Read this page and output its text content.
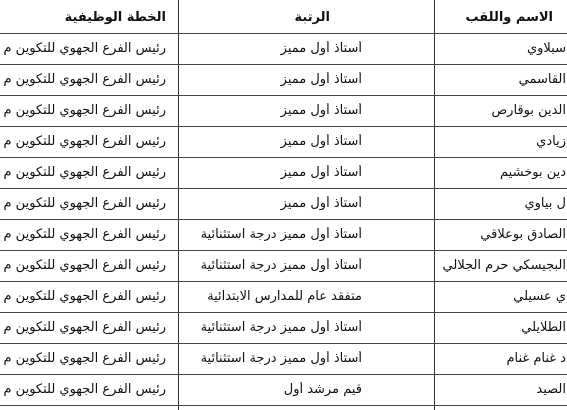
الخطة الوظيفية	الرتبة	الاسم واللقب
رئيس الفرع الجهوي للتكوين م	أستاذ أول مميز	سبلاوي
رئيس الفرع الجهوي للتكوين م	أستاذ أول مميز	القاسمي
رئيس الفرع الجهوي للتكوين م	أستاذ أول مميز	الدين بوقارص
رئيس الفرع الجهوي للتكوين م	أستاذ أول مميز	زيادي
رئيس الفرع الجهوي للتكوين م	أستاذ أول مميز	دين بوخشيم
رئيس الفرع الجهوي للتكوين م	أستاذ أول مميز	ل بياوي
رئيس الفرع الجهوي للتكوين م	أستاذ أول مميز درجة استثنائية	الصادق بوعلاقي
رئيس الفرع الجهوي للتكوين م	أستاذ أول مميز درجة استثنائية	البجيسكي حرم الجلالي
رئيس الفرع الجهوي للتكوين م	متفقد عام للمدارس الابتدائية	ي عسيلي
رئيس الفرع الجهوي للتكوين م	أستاذ أول مميز درجة استثنائية	الطلايلي
رئيس الفرع الجهوي للتكوين م	أستاذ أول مميز درجة استثنائية	د غنام غنام
رئيس الفرع الجهوي للتكوين م	قيم مرشد أول	الصيد
